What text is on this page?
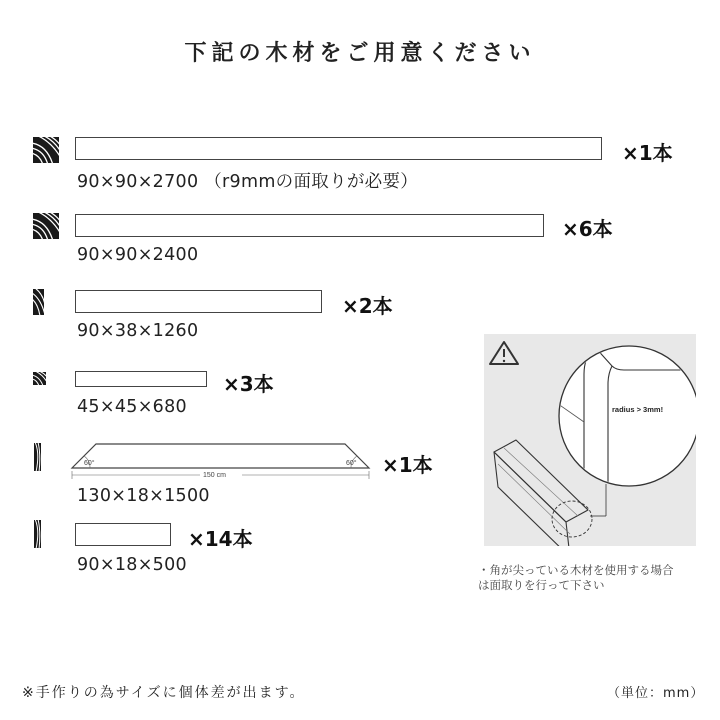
下記の木材をご用意ください
×1本
90×90×2700 （r9mmの面取りが必要）
×6本
90×90×2400
×2本
90×38×1260
×3本
45×45×680
60°	60°
150 cm	×1本
130×18×1500
×14本
90×18×500
radius > 3mm!
・角が尖っている木材を使用する場合
は面取りを行って下さい
※手作りの為サイズに個体差が出ます。	（単位：mm）
